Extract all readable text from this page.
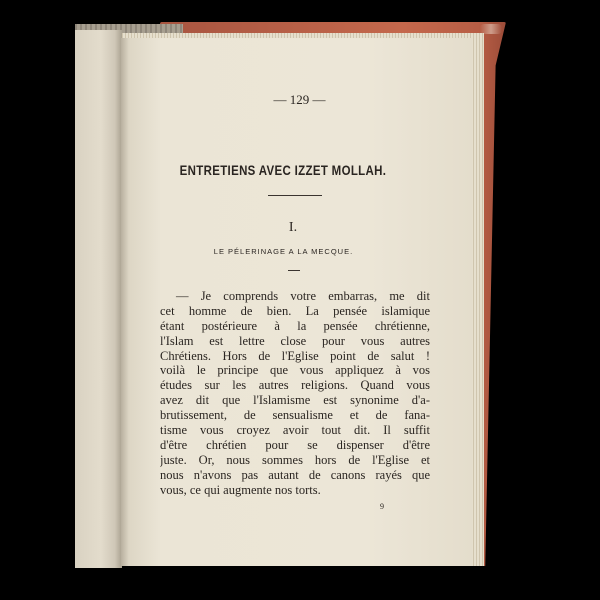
— 129 —
ENTRETIENS AVEC IZZET MOLLAH.
I.
LE PÉLERINAGE A LA MECQUE.
— Je comprends votre embarras, me dit
cet homme de bien. La pensée islamique
étant postérieure à la pensée chrétienne,
l'Islam est lettre close pour vous autres
Chrétiens. Hors de l'Eglise point de salut !
voilà le principe que vous appliquez à vos
études sur les autres religions. Quand vous
avez dit que l'Islamisme est synonime d'a-
brutissement, de sensualisme et de fana-
tisme vous croyez avoir tout dit. Il suffit
d'être chrétien pour se dispenser d'être
juste. Or, nous sommes hors de l'Eglise et
nous n'avons pas autant de canons rayés que
vous, ce qui augmente nos torts.
9
